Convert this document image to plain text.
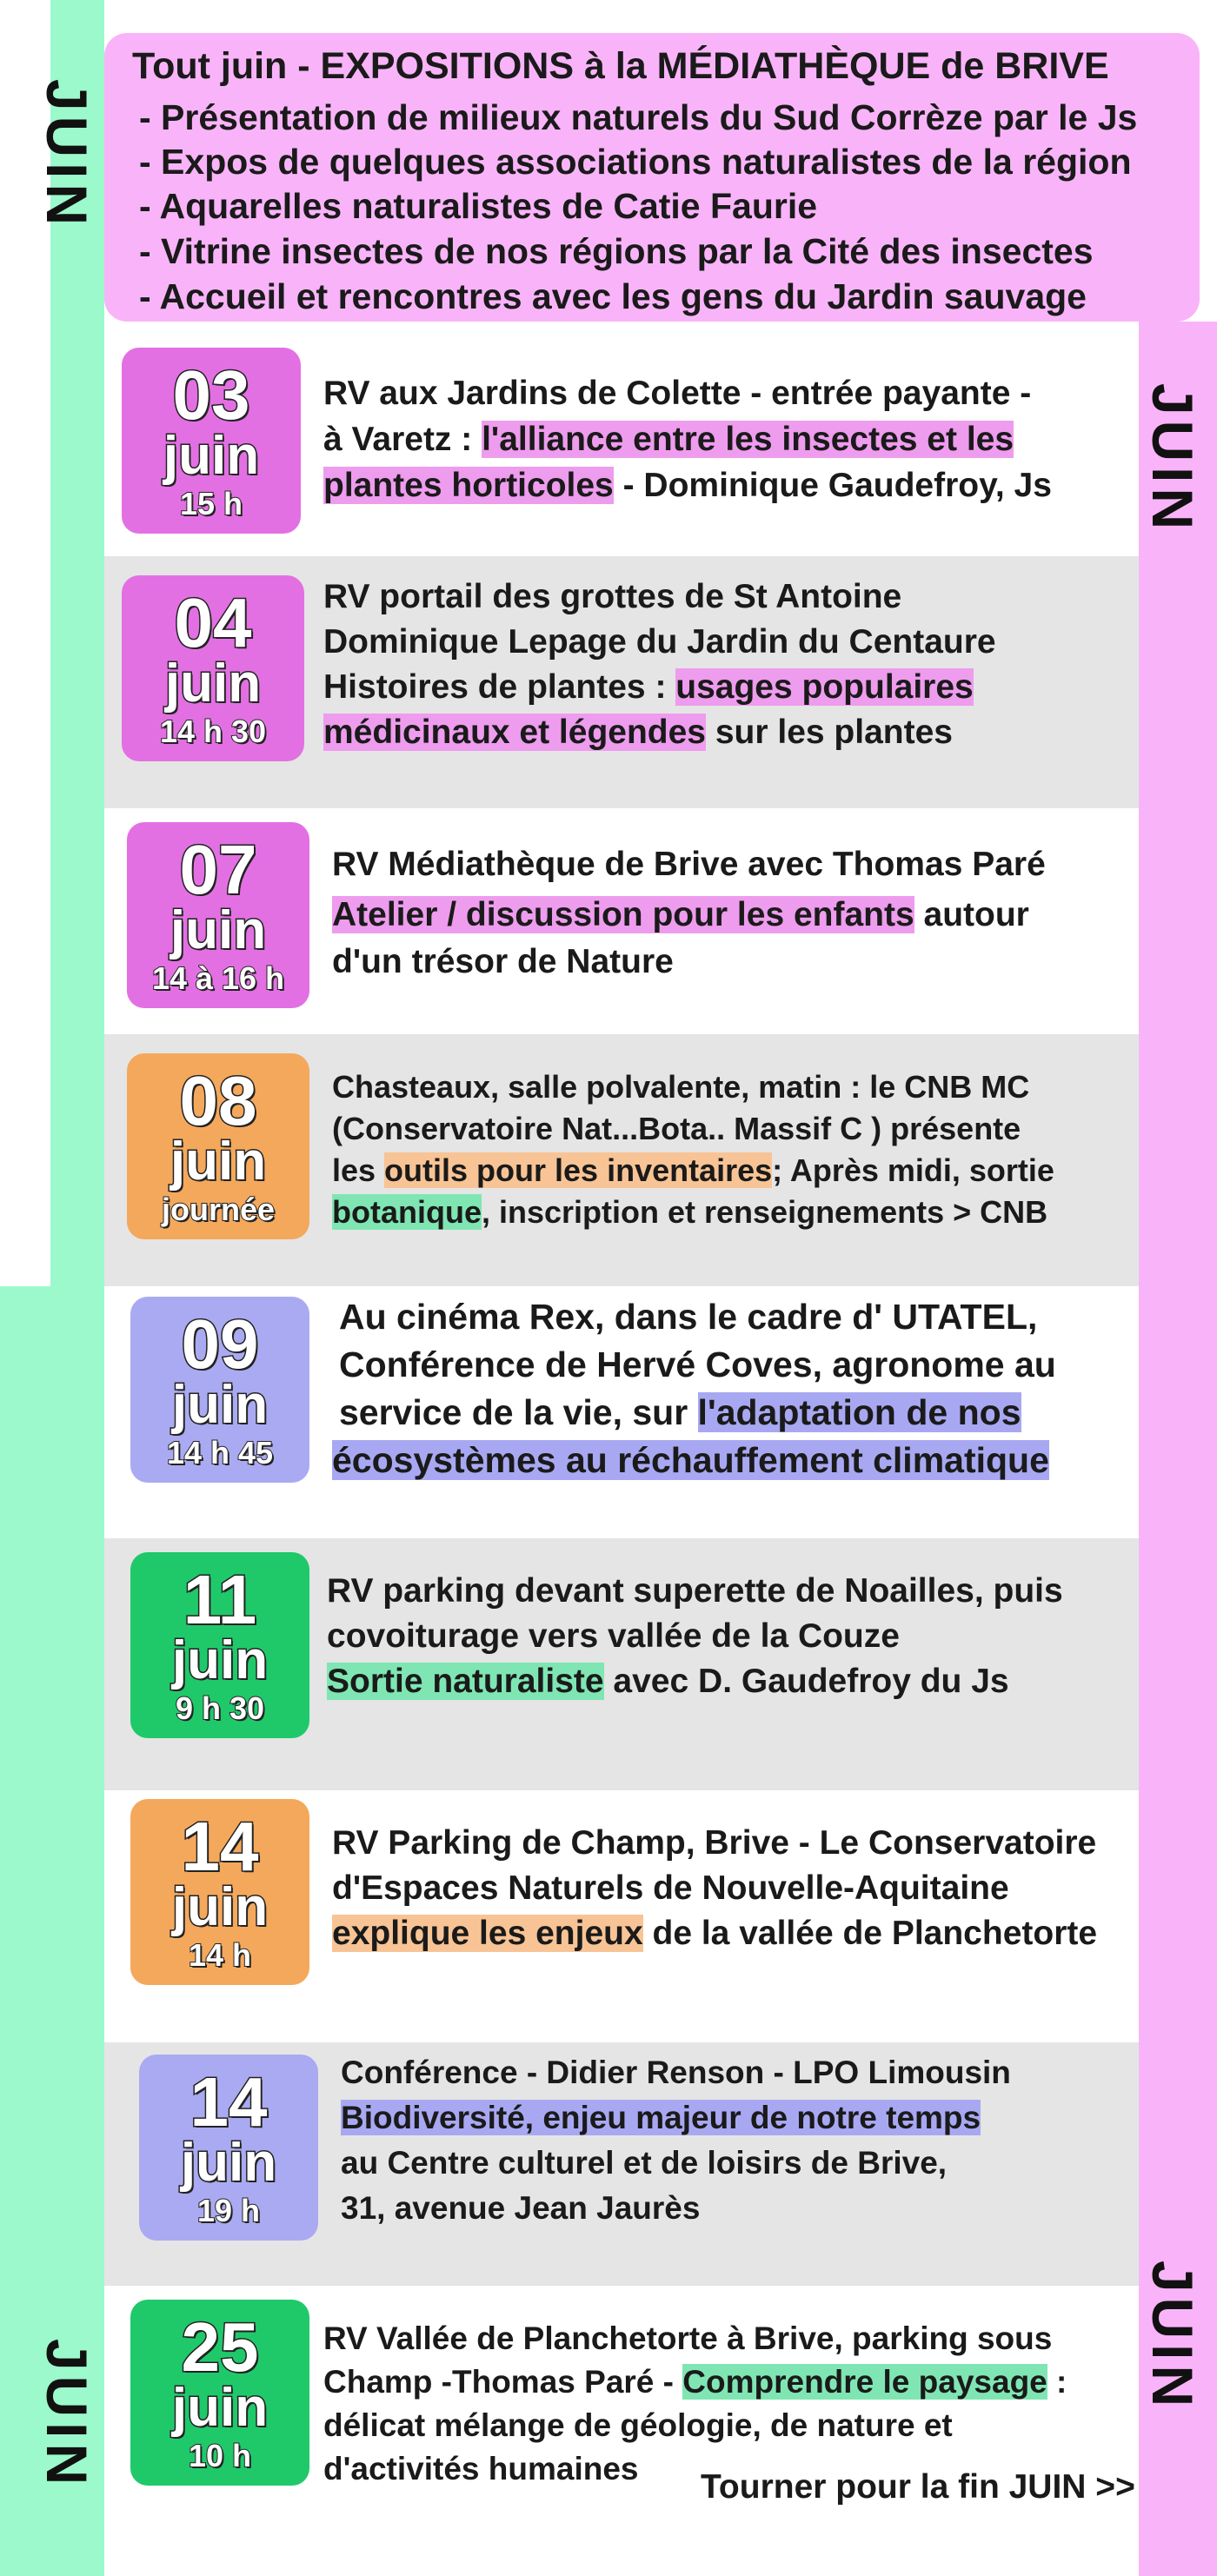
Tout juin - EXPOSITIONS à la MÉDIATHÈQUE de BRIVE
- Présentation de milieux naturels du Sud Corrèze par le Js
- Expos de quelques associations naturalistes de la région
- Aquarelles naturalistes de Catie Faurie
- Vitrine insectes de nos régions par la Cité des insectes
- Accueil et rencontres avec les gens du Jardin sauvage
JUIN
JUIN
JUIN
JUIN
03
juin
15 h
RV aux Jardins de Colette - entrée payante -
à Varetz : l'alliance entre les insectes et les
plantes horticoles - Dominique Gaudefroy, Js
04
juin
14 h 30
RV portail des grottes de St Antoine
Dominique Lepage du Jardin du Centaure
Histoires de plantes : usages populaires
médicinaux et légendes sur les plantes
07
juin
14 à 16 h
RV Médiathèque de Brive avec Thomas Paré
Atelier / discussion pour les enfants autour
d'un trésor de Nature
08
juin
journée
Chasteaux, salle polvalente, matin : le CNB MC
(Conservatoire Nat...Bota.. Massif C ) présente
les outils pour les inventaires; Après midi, sortie
botanique, inscription et renseignements > CNB
09
juin
14 h 45
Au cinéma Rex, dans le cadre d' UTATEL,
Conférence de Hervé Coves, agronome au
service de la vie, sur l'adaptation de nos
écosystèmes au réchauffement climatique
11
juin
9 h 30
RV parking devant superette de Noailles, puis
covoiturage vers vallée de la Couze
Sortie naturaliste avec D. Gaudefroy du Js
14
juin
14 h
RV Parking de Champ, Brive - Le Conservatoire
d'Espaces Naturels de Nouvelle-Aquitaine
explique les enjeux de la vallée de Planchetorte
14
juin
19 h
Conférence - Didier Renson - LPO Limousin
Biodiversité, enjeu majeur de notre temps
au Centre culturel et de loisirs de Brive,
31, avenue Jean Jaurès
25
juin
10 h
RV Vallée de Planchetorte à Brive, parking sous
Champ -Thomas Paré - Comprendre le paysage :
délicat mélange de géologie, de nature et
d'activités humaines Tourner pour la fin JUIN >>
